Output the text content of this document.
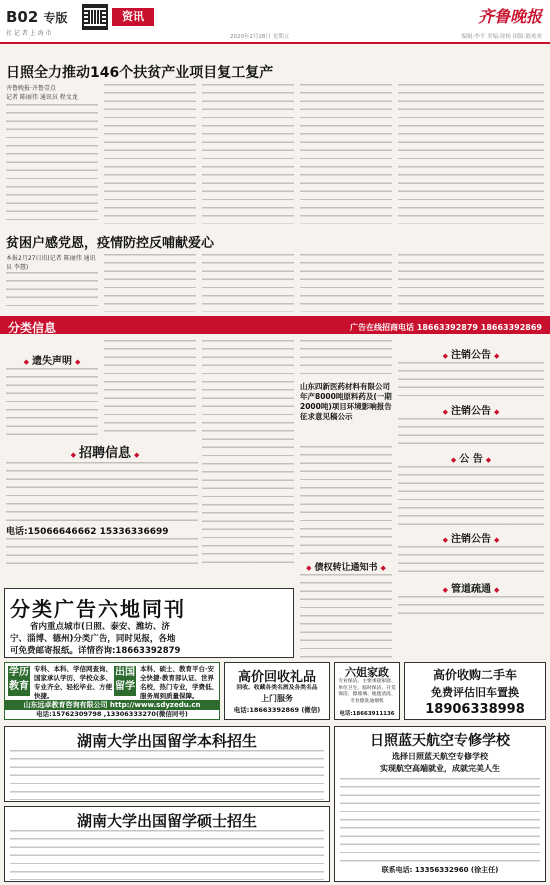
B02 专版
社 记 者 上 海 市
资讯	齐鲁晚报
2020年2月28日 星期五	编辑:李平 美编:徐杨 组版:陈欢欢
日照全力推动146个扶贫产业项目复工复产
齐鲁晚报·齐鲁壹点
记者 陈丽伟 通讯员 程文龙
贫困户感党恩，疫情防控反哺献爱心
本报2月27日讯(记者 陈丽伟 通讯员 李慧)
分类信息	广告在线招商电话 18663392879 18663392869
◆ 遗失声明 ◆
◆ 招聘信息 ◆
电话:15066646662 15336336699
山东四新医药材料有限公司年产8000吨原料药及(一期2000吨)项目环境影响报告征求意见稿公示
◆ 债权转让通知书 ◆
◆ 注销公告 ◆
◆ 注销公告 ◆
◆ 公 告 ◆
◆ 注销公告 ◆
◆ 管道疏通 ◆
分类广告六地同刊
省内重点城市(日照、泰安、潍坊、济
宁、淄博、德州)分类广告，同时见报，各地
可免费邮寄报纸。详情咨询:18663392879
学历教育
专科、本科、学信网查询、国家承认学历、学校众多、专业齐全、轻松毕业、方便快捷。
出国留学
本科、硕士、教育平台·安全快捷·教育部认证、世界名校，热门专业，学费低、服务周到质量保障。
山东远卓教育咨询有限公司 http://www.sdyzedu.cn
电话:15762309798 ,13306333270(微信同号)
高价回收礼品
回收、收藏各类名酒及各类名品
上门服务
电话:18663392869 (微信)
六姐家政
专业保洁、主要承接家庭、单位卫生、临时保洁、开荒保洁、擦玻璃、地毯清洗、专业擦洗油烟机
电话:18663911136
高价收购二手车
免费评估旧车置换
18906338998
湖南大学出国留学本科招生
湖南大学出国留学硕士招生
日照蓝天航空专修学校
选择日照蓝天航空专修学校
实现航空高端就业，成就完美人生
联系电话: 13356332960 (徐主任)
